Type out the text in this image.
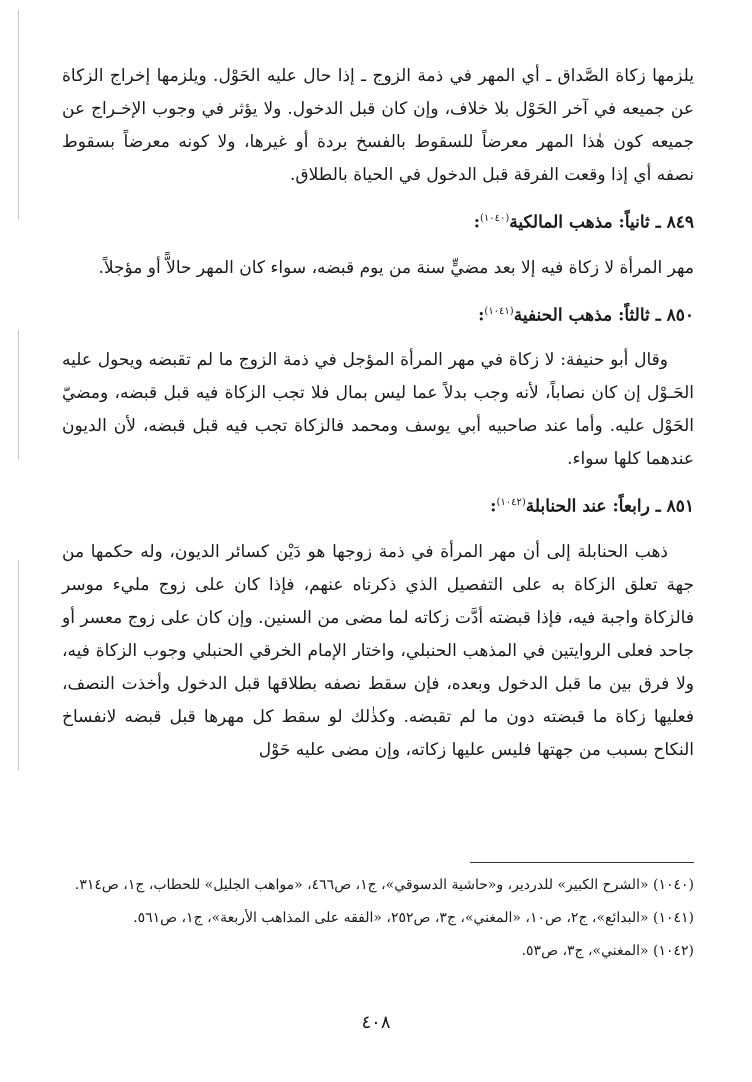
يلزمها زكاة الصَّداق ـ أي المهر في ذمة الزوج ـ إذا حال عليه الحَوْل. ويلزمها إخراج الزكاة عن جميعه في آخر الحَوْل بلا خلاف، وإن كان قبل الدخول. ولا يؤثر في وجوب الإخـراج عن جميعه كون هٰذا المهر معرضاً للسقوط بالفسخ بردة أو غيرها، ولا كونه معرضاً بسقوط نصفه أي إذا وقعت الفرقة قبل الدخول في الحياة بالطلاق.

٨٤٩ ـ ثانياً: مذهب المالكية$^{(١٠٤٠)}$:

مهر المرأة لا زكاة فيه إلا بعد مضيٍّ سنة من يوم قبضه، سواء كان المهر حالاًّ أو مؤجلاً.

٨٥٠ ـ ثالثاً: مذهب الحنفية$^{(١٠٤١)}$:

وقال أبو حنيفة: لا زكاة في مهر المرأة المؤجل في ذمة الزوج ما لم تقبضه ويحول عليه الحَـوْل إن كان نصاباً، لأنه وجب بدلاً عما ليس بمال فلا تجب الزكاة فيه قبل قبضه، ومضيّ الحَوْل عليه. وأما عند صاحبيه أبي يوسف ومحمد فالزكاة تجب فيه قبل قبضه، لأن الديون عندهما كلها سواء.

٨٥١ ـ رابعاً: عند الحنابلة$^{(١٠٤٢)}$:

ذهب الحنابلة إلى أن مهر المرأة في ذمة زوجها هو دَيْن كسائر الديون، وله حكمها من جهة تعلق الزكاة به على التفصيل الذي ذكرناه عنهم، فإذا كان على زوج مليء موسر فالزكاة واجبة فيه، فإذا قبضته أدَّت زكاته لما مضى من السنين. وإن كان على زوج معسر أو جاحد فعلى الروايتين في المذهب الحنبلي، واختار الإمام الخرقي الحنبلي وجوب الزكاة فيه، ولا فرق بين ما قبل الدخول وبعده، فإن سقط نصفه بطلاقها قبل الدخول وأخذت النصف، فعليها زكاة ما قبضته دون ما لم تقبضه. وكذٰلك لو سقط كل مهرها قبل قبضه لانفساخ النكاح بسبب من جهتها فليس عليها زكاته، وإن مضى عليه حَوْل

(١٠٤٠) «الشرح الكبير» للدردير، و«حاشية الدسوقي»، ج١، ص٤٦٦، «مواهب الجليل» للحطاب، ج١، ص٣١٤.

(١٠٤١) «البدائع»، ج٢، ص١٠، «المغني»، ج٣، ص٢٥٢، «الفقه على المذاهب الأربعة»، ج١، ص٥٦١.

(١٠٤٢) «المغني»، ج٣، ص٥٣.

٤٠٨
